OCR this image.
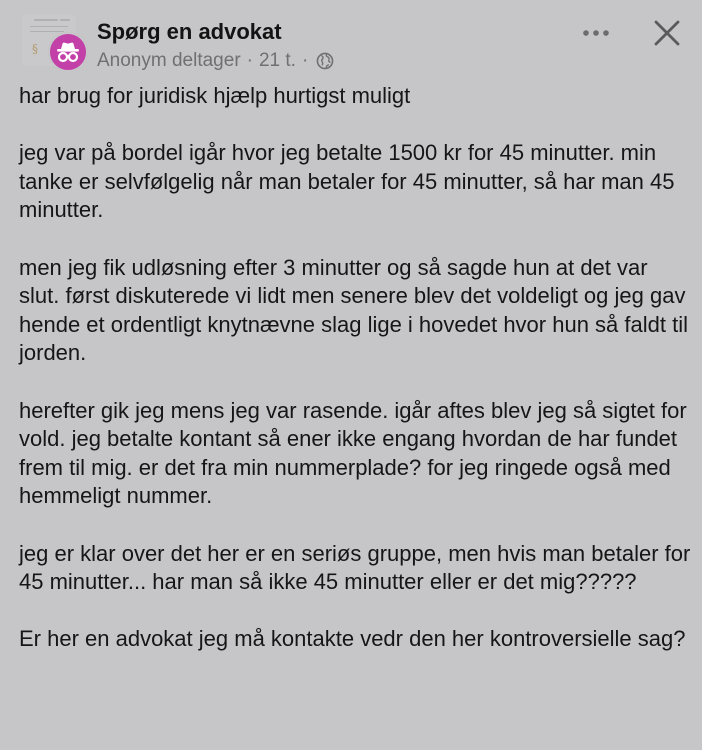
§
Spørg en advokat
Anonym deltager · 21 t. ·

har brug for juridisk hjælp hurtigst muligt

jeg var på bordel igår hvor jeg betalte 1500 kr for 45 minutter. min tanke er selvfølgelig når man betaler for 45 minutter, så har man 45 minutter.

men jeg fik udløsning efter 3 minutter og så sagde hun at det var slut. først diskuterede vi lidt men senere blev det voldeligt og jeg gav hende et ordentligt knytnævne slag lige i hovedet hvor hun så faldt til jorden.

herefter gik jeg mens jeg var rasende. igår aftes blev jeg så sigtet for vold. jeg betalte kontant så ener ikke engang hvordan de har fundet frem til mig. er det fra min nummerplade? for jeg ringede også med hemmeligt nummer.

jeg er klar over det her er en seriøs gruppe, men hvis man betaler for 45 minutter... har man så ikke 45 minutter eller er det mig?????

Er her en advokat jeg må kontakte vedr den her kontroversielle sag?
